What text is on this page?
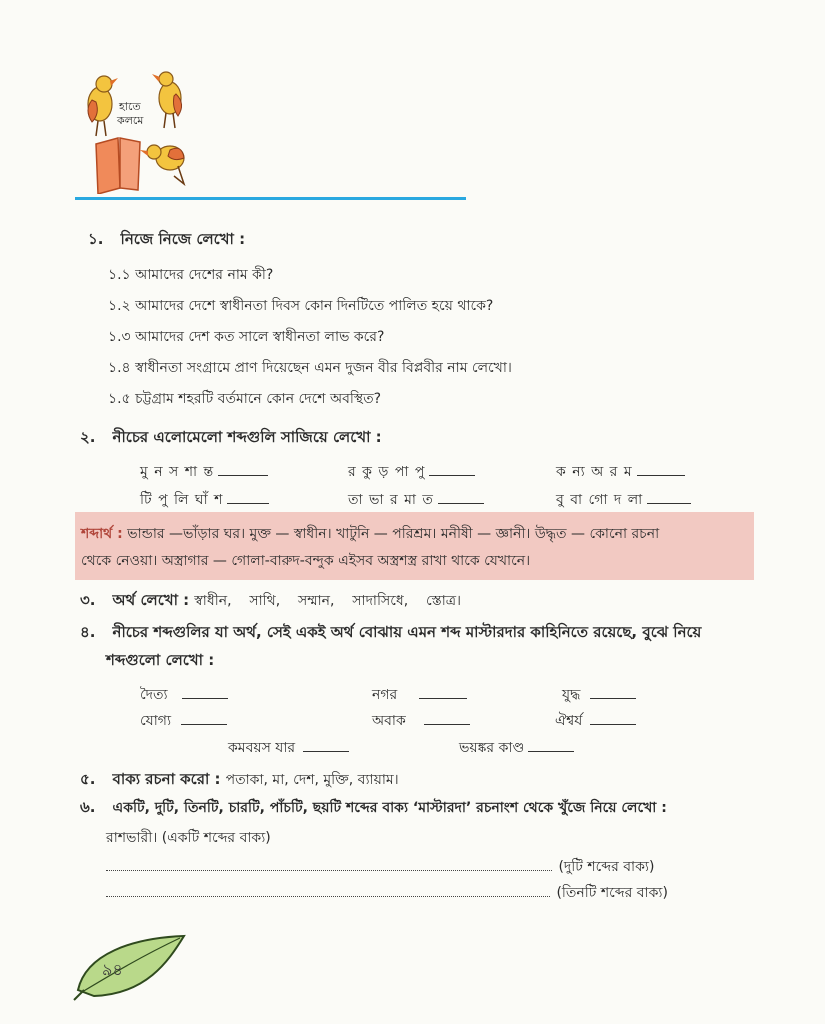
হাতে
কলমে
১. নিজে নিজে লেখো :
১.১ আমাদের দেশের নাম কী?
১.২ আমাদের দেশে স্বাধীনতা দিবস কোন দিনটিতে পালিত হয়ে থাকে?
১.৩ আমাদের দেশ কত সালে স্বাধীনতা লাভ করে?
১.৪ স্বাধীনতা সংগ্রামে প্রাণ দিয়েছেন এমন দুজন বীর বিপ্লবীর নাম লেখো।
১.৫ চট্টগ্রাম শহরটি বর্তমানে কোন দেশে অবস্থিত?
২. নীচের এলোমেলো শব্দগুলি সাজিয়ে লেখো :
মু ন স শা ন্ত	র কু ড় পা পু	ক ন্য অ র ম
টি পু লি ঘাঁ শ	তা ভা র মা ত	বু বা গো দ লা
শব্দার্থ : ভান্ডার —ভাঁড়ার ঘর। মুক্ত — স্বাধীন। খাটুনি — পরিশ্রম। মনীষী — জ্ঞানী। উদ্ধৃত — কোনো রচনা
থেকে নেওয়া। অস্ত্রাগার — গোলা-বারুদ-বন্দুক এইসব অস্ত্রশস্ত্র রাখা থাকে যেখানে।
৩. অর্থ লেখো : স্বাধীন,    সাথি,    সম্মান,    সাদাসিধে,    স্তোত্র।
৪. নীচের শব্দগুলির যা অর্থ, সেই একই অর্থ বোঝায় এমন শব্দ মাস্টারদার কাহিনিতে রয়েছে, বুঝে নিয়ে
শব্দগুলো লেখো :
দৈত্য	নগর	যুদ্ধ
যোগ্য	অবাক	ঐশ্বর্য
কমবয়স যার	ভয়ঙ্কর কাণ্ড
৫. বাক্য রচনা করো : পতাকা, মা, দেশ, মুক্তি, ব্যায়াম।
৬. একটি, দুটি, তিনটি, চারটি, পাঁচটি, ছয়টি শব্দের বাক্য ‘মাস্টারদা’ রচনাংশ থেকে খুঁজে নিয়ে লেখো :
রাশভারী। (একটি শব্দের বাক্য)
(দুটি শব্দের বাক্য)
(তিনটি শব্দের বাক্য)
৯৪
